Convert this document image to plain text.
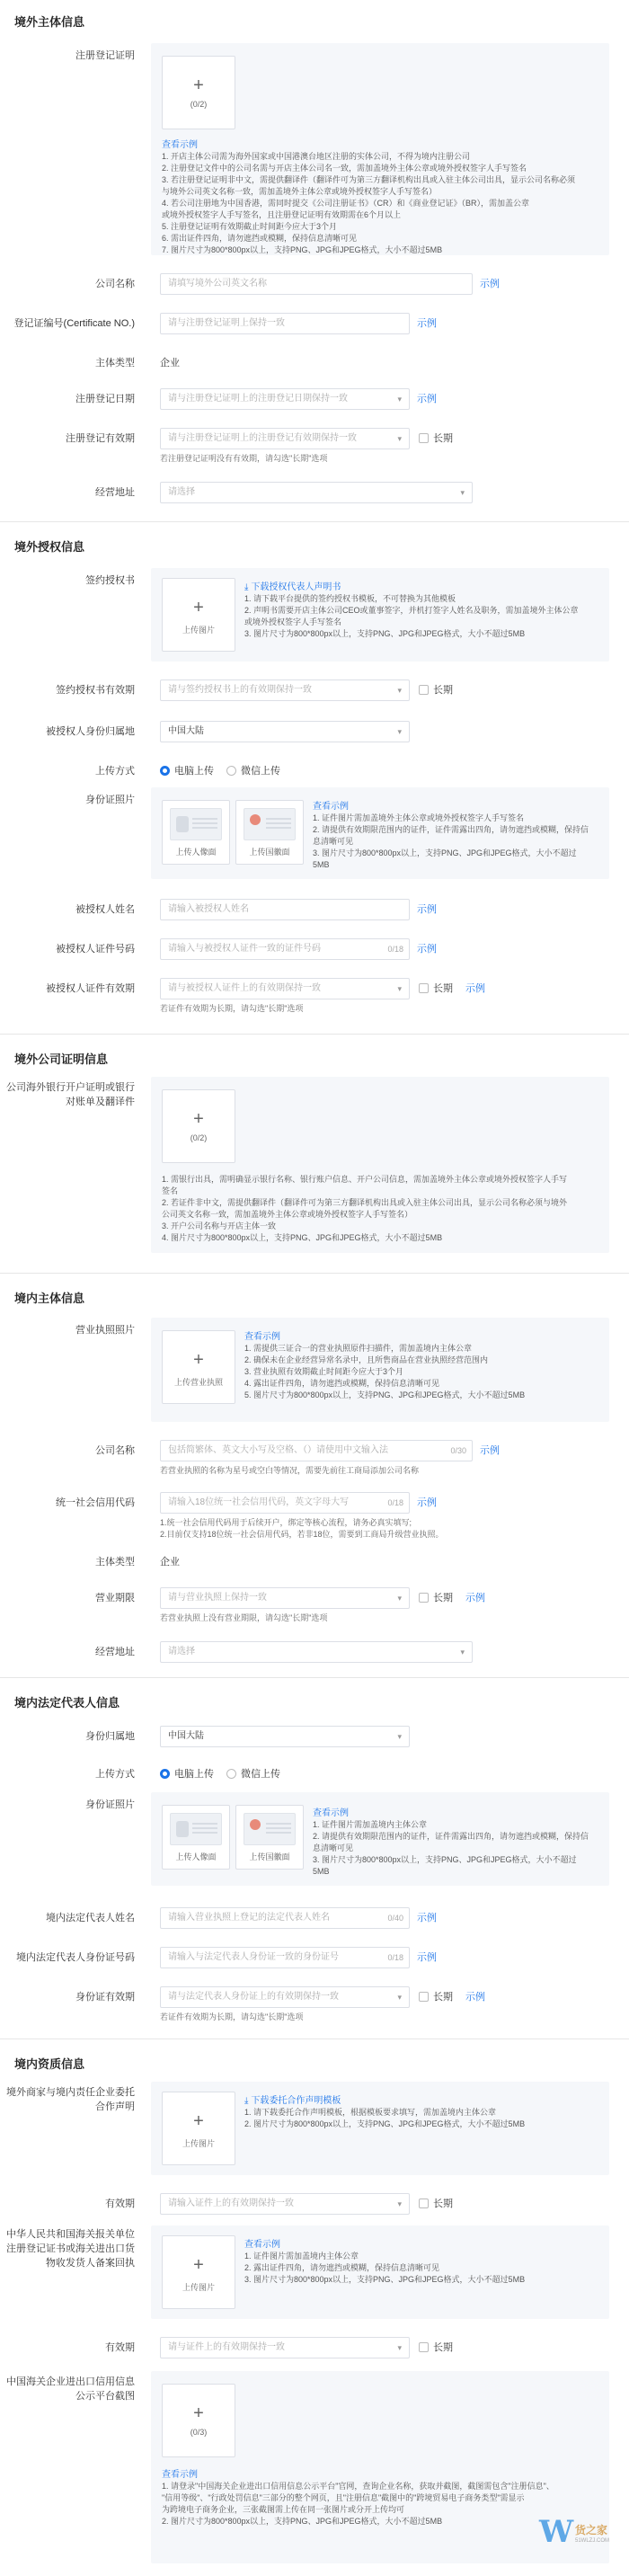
境外主体信息
注册登记证明
+
(0/2)
查看示例
1. 开店主体公司需为海外国家或中国港澳台地区注册的实体公司，不得为境内注册公司
2. 注册登记文件中的公司名需与开店主体公司名一致，需加盖境外主体公章或境外授权签字人手写签名
3. 若注册登记证明非中文，需提供翻译件（翻译件可为第三方翻译机构出具或入驻主体公司出具，显示公司名称必须
与境外公司英文名称一致，需加盖境外主体公章或境外授权签字人手写签名）
4. 若公司注册地为中国香港，需同时提交《公司注册证书》（CR）和《商业登记证》（BR），需加盖公章
或境外授权签字人手写签名，且注册登记证明有效期需在6个月以上
5. 注册登记证明有效期截止时间距今应大于3个月
6. 需出证件四角，请勿遮挡或模糊，保持信息清晰可见
7. 图片尺寸为800*800px以上，支持PNG、JPG和JPEG格式，大小不超过5MB
公司名称	请填写境外公司英文名称	示例
登记证编号(Certificate NO.)	请与注册登记证明上保持一致	示例
主体类型	企业
注册登记日期	请与注册登记证明上的注册登记日期保持一致	▾ 示例
注册登记有效期	请与注册登记证明上的注册登记有效期保持一致	▾	长期
若注册登记证明没有有效期，请勾选"长期"选项
经营地址	请选择	▾
境外授权信息
签约授权书
+
上传图片
⤓ 下载授权代表人声明书
1. 请下载平台提供的签约授权书模板，不可替换为其他模板
2. 声明书需要开店主体公司CEO或董事签字，并机打签字人姓名及职务，需加盖境外主体公章
或境外授权签字人手写签名
3. 图片尺寸为800*800px以上，支持PNG、JPG和JPEG格式，大小不超过5MB
签约授权书有效期	请与签约授权书上的有效期保持一致	▾	长期
被授权人身份归属地	中国大陆	▾
上传方式	电脑上传	微信上传
身份证照片
上传人像面	上传国徽面
查看示例
1. 证件图片需加盖境外主体公章或境外授权签字人手写签名
2. 请提供有效期限范围内的证件，证件需露出四角，请勿遮挡或模糊，保持信
息清晰可见
3. 图片尺寸为800*800px以上，支持PNG、JPG和JPEG格式，大小不超过
5MB
被授权人姓名	请输入被授权人姓名	示例
被授权人证件号码	请输入与被授权人证件一致的证件号码	0/18 示例
被授权人证件有效期	请与被授权人证件上的有效期保持一致	▾	长期 示例
若证件有效期为长期，请勾选"长期"选项
境外公司证明信息
公司海外银行开户证明或银行
对账单及翻译件
+
(0/2)
1. 需银行出具，需明确显示银行名称、银行账户信息、开户公司信息，需加盖境外主体公章或境外授权签字人手写
签名
2. 若证件非中文，需提供翻译件（翻译件可为第三方翻译机构出具或入驻主体公司出具，显示公司名称必须与境外
公司英文名称一致，需加盖境外主体公章或境外授权签字人手写签名）
3. 开户公司名称与开店主体一致
4. 图片尺寸为800*800px以上，支持PNG、JPG和JPEG格式，大小不超过5MB
境内主体信息
营业执照照片
+
上传营业执照
查看示例
1. 需提供三证合一的营业执照原件扫描件，需加盖境内主体公章
2. 确保未在企业经营异常名录中，且所售商品在营业执照经营范围内
3. 营业执照有效期截止时间距今应大于3个月
4. 露出证件四角，请勿遮挡或模糊，保持信息清晰可见
5. 图片尺寸为800*800px以上，支持PNG、JPG和JPEG格式，大小不超过5MB
公司名称	包括简繁体、英文大小写及空格、（）请使用中文输入法	0/30 示例
若营业执照的名称为星号或空白等情况，需要先前往工商局添加公司名称
统一社会信用代码	请输入18位统一社会信用代码，英文字母大写	0/18 示例
1.统一社会信用代码用于后续开户，绑定等核心流程，请务必真实填写;
2.目前仅支持18位统一社会信用代码，若非18位，需要到工商局升级营业执照。
主体类型	企业
营业期限	请与营业执照上保持一致	▾	长期 示例
若营业执照上没有营业期限，请勾选"长期"选项
经营地址	请选择	▾
境内法定代表人信息
身份归属地	中国大陆	▾
上传方式	电脑上传	微信上传
身份证照片
上传人像面	上传国徽面
查看示例
1. 证件图片需加盖境内主体公章
2. 请提供有效期限范围内的证件，证件需露出四角，请勿遮挡或模糊，保持信
息清晰可见
3. 图片尺寸为800*800px以上，支持PNG、JPG和JPEG格式，大小不超过
5MB
境内法定代表人姓名	请输入营业执照上登记的法定代表人姓名	0/40 示例
境内法定代表人身份证号码	请输入与法定代表人身份证一致的身份证号	0/18 示例
身份证有效期	请与法定代表人身份证上的有效期保持一致	▾	长期 示例
若证件有效期为长期，请勾选"长期"选项
境内资质信息
境外商家与境内责任企业委托
合作声明
+
上传图片
⤓ 下载委托合作声明模板
1. 请下载委托合作声明模板，根据模板要求填写，需加盖境内主体公章
2. 图片尺寸为800*800px以上，支持PNG、JPG和JPEG格式，大小不超过5MB
有效期	请输入证件上的有效期保持一致	▾	长期
中华人民共和国海关报关单位
注册登记证书或海关进出口货
物收发货人备案回执	+
上传图片
查看示例
1. 证件图片需加盖境内主体公章
2. 露出证件四角，请勿遮挡或模糊，保持信息清晰可见
3. 图片尺寸为800*800px以上，支持PNG、JPG和JPEG格式，大小不超过5MB
有效期	请与证件上的有效期保持一致	▾	长期
中国海关企业进出口信用信息
公示平台截图
+
(0/3)
查看示例
1. 请登录"中国海关企业进出口信用信息公示平台"官网，查询企业名称，获取并截图，截图需包含"注册信息"、
"信用等级"、"行政处罚信息"三部分的整个网页，且"注册信息"截图中的"跨境贸易电子商务类型"需显示
为跨境电子商务企业，三张截图需上传在同一张图片或分开上传均可
2. 图片尺寸为800*800px以上，支持PNG、JPG和JPEG格式，大小不超过5MB	W 货之家
51WLZJ.COM
